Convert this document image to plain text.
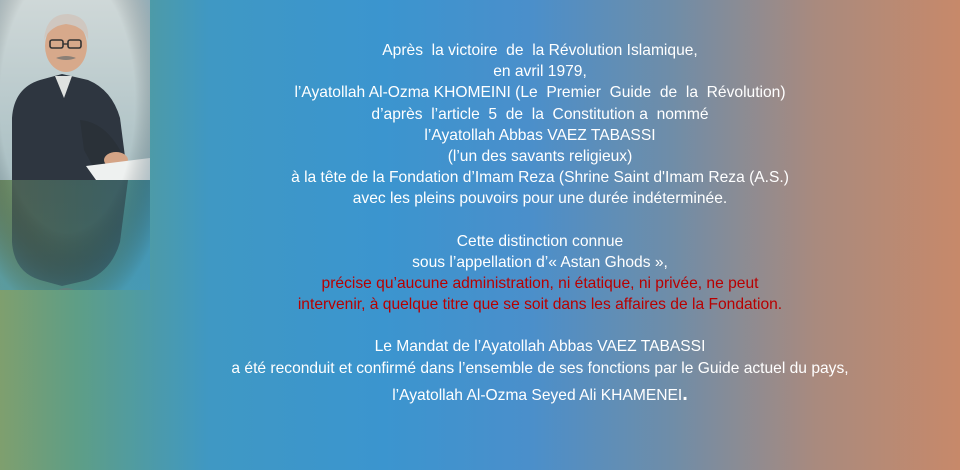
Après  la victoire  de  la Révolution Islamique,
en avril 1979,
l’Ayatollah Al-Ozma KHOMEINI (Le  Premier  Guide  de  la  Révolution)
d’après  l’article  5  de  la  Constitution a  nommé
l’Ayatollah Abbas VAEZ TABASSI
(l’un des savants religieux)
à la tête de la Fondation d’Imam Reza (Shrine Saint d'Imam Reza (A.S.)
avec les pleins pouvoirs pour une durée indéterminée.
Cette distinction connue
sous l’appellation d’« Astan Ghods »,
précise qu’aucune administration, ni étatique, ni privée, ne peut
intervenir, à quelque titre que se soit dans les affaires de la Fondation.
Le Mandat de l’Ayatollah Abbas VAEZ TABASSI
a été reconduit et confirmé dans l’ensemble de ses fonctions par le Guide actuel du pays,
l’Ayatollah Al-Ozma Seyed Ali KHAMENEI.
